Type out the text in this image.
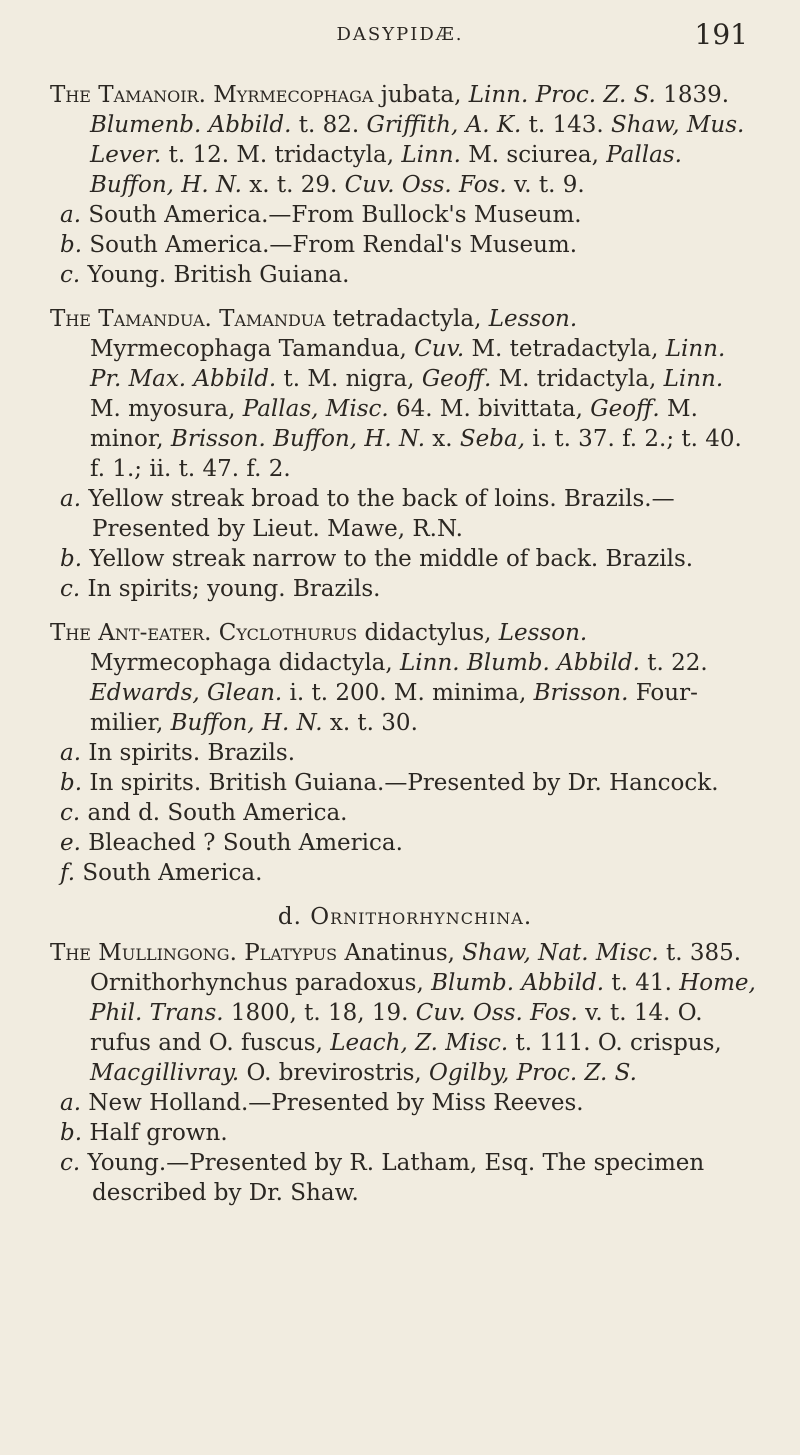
DASYPIDÆ.	191

The Tamanoir. Myrmecophaga jubata, Linn. Proc. Z. S. 1839. Blumenb. Abbild. t. 82. Griffith, A. K. t. 143. Shaw, Mus. Lever. t. 12. M. tridactyla, Linn. M. sciurea, Pallas. Buffon, H. N. x. t. 29. Cuv. Oss. Fos. v. t. 9.

a. South America.—From Bullock's Museum.

b. South America.—From Rendal's Museum.

c. Young. British Guiana.

The Tamandua. Tamandua tetradactyla, Lesson. Myrmecophaga Tamandua, Cuv. M. tetradactyla, Linn. Pr. Max. Abbild. t. M. nigra, Geoff. M. tridactyla, Linn. M. myosura, Pallas, Misc. 64. M. bivittata, Geoff. M. minor, Brisson. Buffon, H. N. x. Seba, i. t. 37. f. 2.; t. 40. f. 1.; ii. t. 47. f. 2.

a. Yellow streak broad to the back of loins. Brazils.—Presented by Lieut. Mawe, R.N.

b. Yellow streak narrow to the middle of back. Brazils.

c. In spirits; young. Brazils.

The Ant-eater. Cyclothurus didactylus, Lesson. Myrmecophaga didactyla, Linn. Blumb. Abbild. t. 22. Edwards, Glean. i. t. 200. M. minima, Brisson. Four-milier, Buffon, H. N. x. t. 30.

a. In spirits. Brazils.

b. In spirits. British Guiana.—Presented by Dr. Hancock.

c. and d. South America.

e. Bleached ? South America.

f. South America.

d. Ornithorhynchina.

The Mullingong. Platypus Anatinus, Shaw, Nat. Misc. t. 385. Ornithorhynchus paradoxus, Blumb. Abbild. t. 41. Home, Phil. Trans. 1800, t. 18, 19. Cuv. Oss. Fos. v. t. 14. O. rufus and O. fuscus, Leach, Z. Misc. t. 111. O. crispus, Macgillivray. O. brevirostris, Ogilby, Proc. Z. S.

a. New Holland.—Presented by Miss Reeves.

b. Half grown.

c. Young.—Presented by R. Latham, Esq. The specimen described by Dr. Shaw.
